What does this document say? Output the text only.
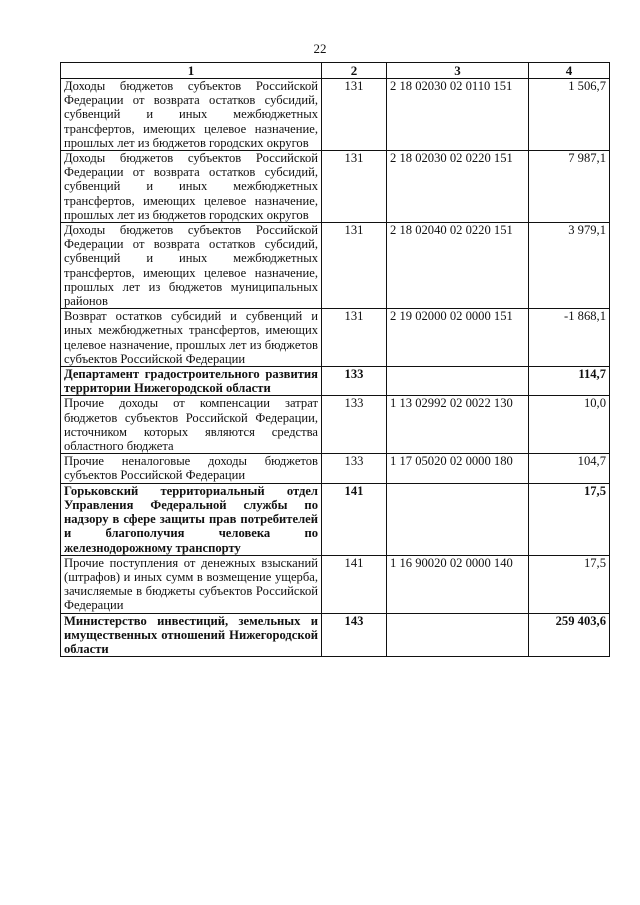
22
1	2	3	4
Доходы бюджетов субъектов Российской Федерации от возврата остатков субсидий, субвенций и иных межбюджетных трансфертов, имеющих целевое назначение, прошлых лет из бюджетов городских округов	131	2 18 02030 02 0110 151	1 506,7
Доходы бюджетов субъектов Российской Федерации от возврата остатков субсидий, субвенций и иных межбюджетных трансфертов, имеющих целевое назначение, прошлых лет из бюджетов городских округов	131	2 18 02030 02 0220 151	7 987,1
Доходы бюджетов субъектов Российской Федерации от возврата остатков субсидий, субвенций и иных межбюджетных трансфертов, имеющих целевое назначение, прошлых лет из бюджетов муниципальных районов	131	2 18 02040 02 0220 151	3 979,1
Возврат остатков субсидий и субвенций и иных межбюджетных трансфертов, имеющих целевое назначение, прошлых лет из бюджетов субъектов Российской Федерации	131	2 19 02000 02 0000 151	-1 868,1
Департамент градостроительного развития территории Нижегородской области	133		114,7
Прочие доходы от компенсации затрат бюджетов субъектов Российской Федерации, источником которых являются средства областного бюджета	133	1 13 02992 02 0022 130	10,0
Прочие неналоговые доходы бюджетов субъектов Российской Федерации	133	1 17 05020 02 0000 180	104,7
Горьковский территориальный отдел Управления Федеральной службы по надзору в сфере защиты прав потребителей и благополучия человека по железнодорожному транспорту	141		17,5
Прочие поступления от денежных взысканий (штрафов) и иных сумм в возмещение ущерба, зачисляемые в бюджеты субъектов Российской Федерации	141	1 16 90020 02 0000 140	17,5
Министерство инвестиций, земельных и имущественных отношений Нижегородской области	143		259 403,6
